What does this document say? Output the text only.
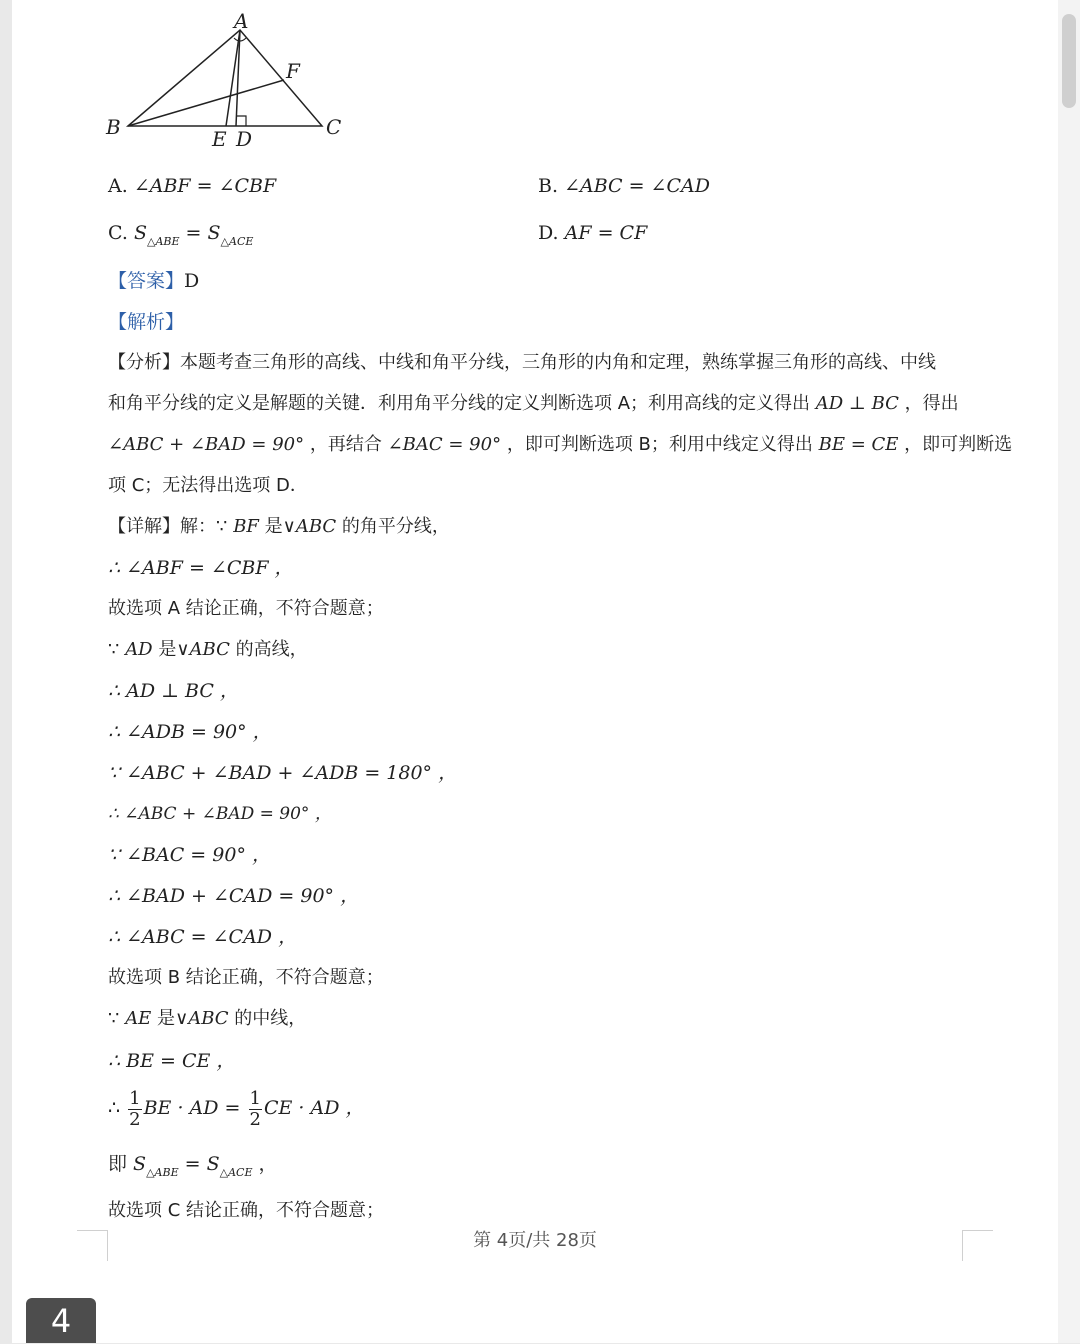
A
B	C
D
E
F
A. ∠ABF = ∠CBF	B. ∠ABC = ∠CAD
C. $S_{\triangle ABE} = S_{\triangle ACE}$	D. AF = CF
【答案】D
【解析】
【分析】本题考查三角形的高线、中线和角平分线，三角形的内角和定理，熟练掌握三角形的高线、中线
和角平分线的定义是解题的关键．利用角平分线的定义判断选项 A；利用高线的定义得出 AD ⊥ BC ，得出
∠ABC + ∠BAD = 90° ，再结合 ∠BAC = 90° ，即可判断选项 B；利用中线定义得出 BE = CE ，即可判断选
项 C；无法得出选项 D．
【详解】解：∵ BF 是∨ABC 的角平分线，
∴ ∠ABF = ∠CBF ，
故选项 A 结论正确，不符合题意；
∵ AD 是∨ABC 的高线，
∴ AD ⊥ BC ，
∴ ∠ADB = 90° ，
∵ ∠ABC + ∠BAD + ∠ADB = 180° ，
∴ ∠ABC + ∠BAD = 90° ，
∵ ∠BAC = 90° ，
∴ ∠BAD + ∠CAD = 90° ，
∴ ∠ABC = ∠CAD ，
故选项 B 结论正确，不符合题意；
∵ AE 是∨ABC 的中线，
∴ BE = CE ，
∴ $\frac{1}{2}$ BE · AD = $\frac{1}{2}$ CE · AD ，
即 $S_{\triangle ABE} = S_{\triangle ACE}$ ，
故选项 C 结论正确，不符合题意；
第 4页/共 28页
4
